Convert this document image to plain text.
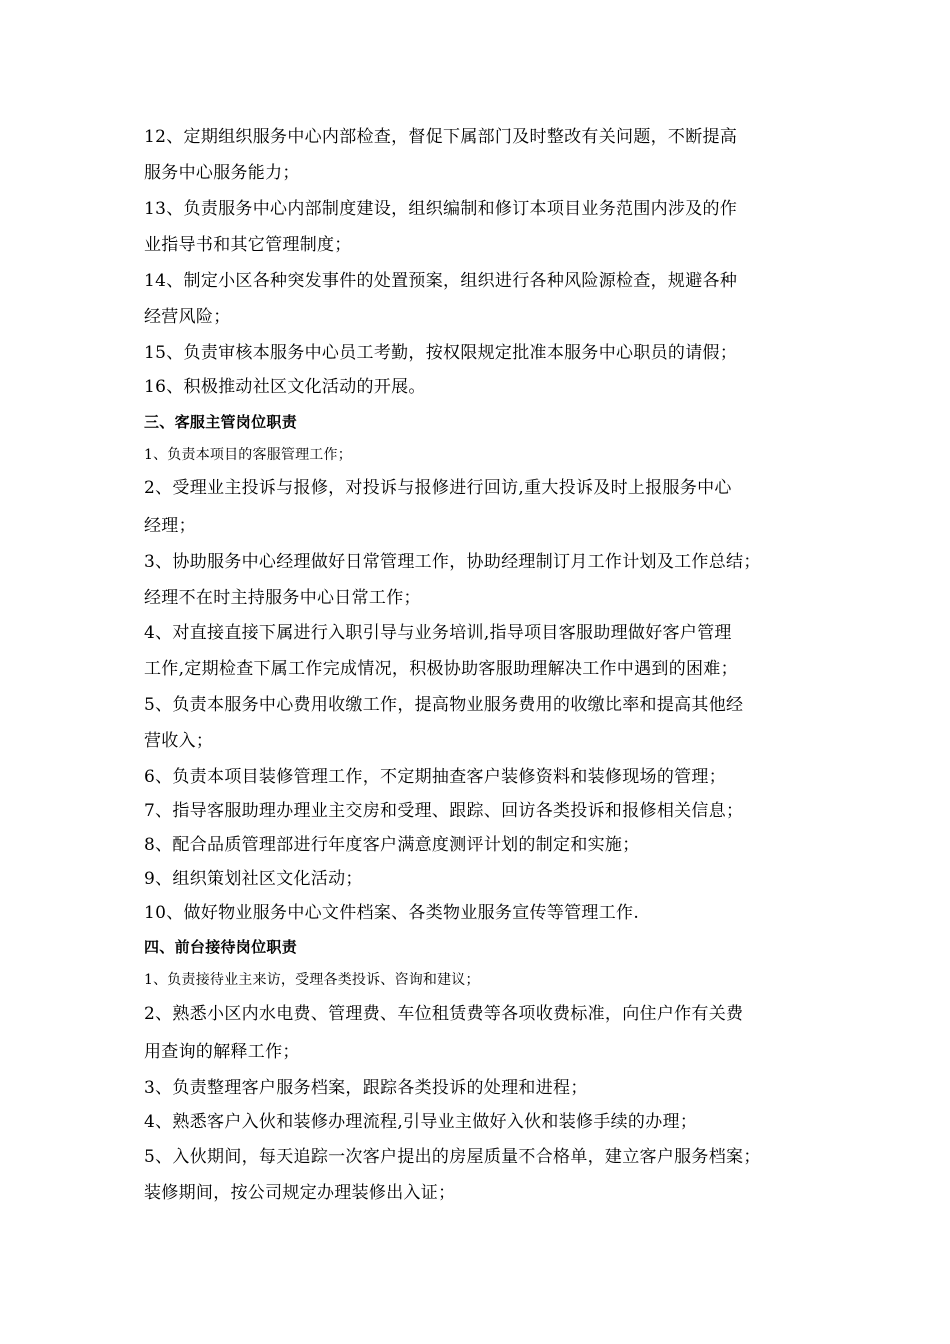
12、定期组织服务中心内部检查，督促下属部门及时整改有关问题，不断提高
服务中心服务能力；
13、负责服务中心内部制度建设，组织编制和修订本项目业务范围内涉及的作
业指导书和其它管理制度；
14、制定小区各种突发事件的处置预案，组织进行各种风险源检查，规避各种
经营风险；
15、负责审核本服务中心员工考勤，按权限规定批准本服务中心职员的请假；
16、积极推动社区文化活动的开展。
三、客服主管岗位职责
1、负责本项目的客服管理工作；
2、受理业主投诉与报修，对投诉与报修进行回访,重大投诉及时上报服务中心
经理；
3、协助服务中心经理做好日常管理工作，协助经理制订月工作计划及工作总结；
经理不在时主持服务中心日常工作；
4、对直接直接下属进行入职引导与业务培训,指导项目客服助理做好客户管理
工作,定期检查下属工作完成情况，积极协助客服助理解决工作中遇到的困难；
5、负责本服务中心费用收缴工作，提高物业服务费用的收缴比率和提高其他经
营收入；
6、负责本项目装修管理工作，不定期抽查客户装修资料和装修现场的管理；
7、指导客服助理办理业主交房和受理、跟踪、回访各类投诉和报修相关信息；
8、配合品质管理部进行年度客户满意度测评计划的制定和实施；
9、组织策划社区文化活动；
10、做好物业服务中心文件档案、各类物业服务宣传等管理工作.
四、前台接待岗位职责
1、负责接待业主来访，受理各类投诉、咨询和建议；
2、熟悉小区内水电费、管理费、车位租赁费等各项收费标准，向住户作有关费
用查询的解释工作；
3、负责整理客户服务档案，跟踪各类投诉的处理和进程；
4、熟悉客户入伙和装修办理流程,引导业主做好入伙和装修手续的办理；
5、入伙期间，每天追踪一次客户提出的房屋质量不合格单，建立客户服务档案；
装修期间，按公司规定办理装修出入证；
